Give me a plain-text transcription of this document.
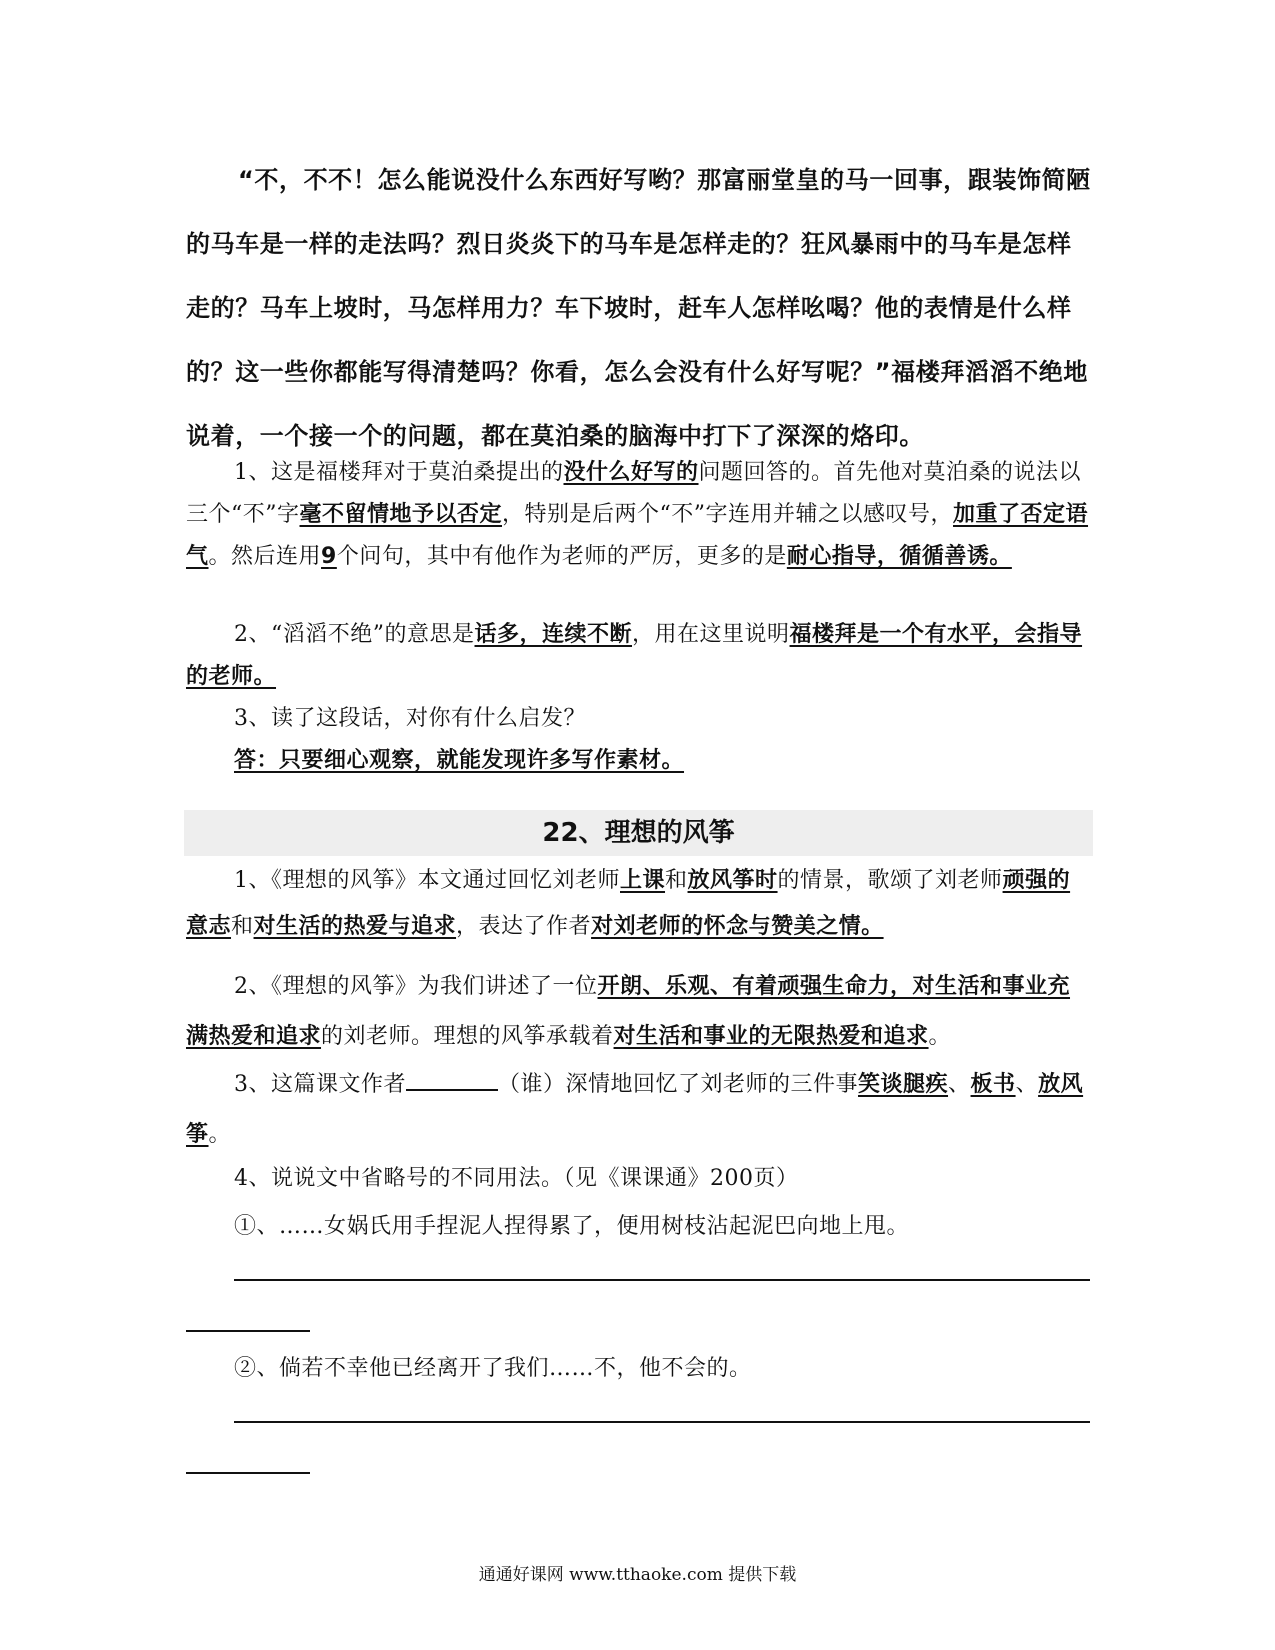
“不，不不！怎么能说没什么东西好写哟？那富丽堂皇的马一回事，跟装饰简陋的马车是一样的走法吗？烈日炎炎下的马车是怎样走的？狂风暴雨中的马车是怎样走的？马车上坡时，马怎样用力？车下坡时，赶车人怎样吆喝？他的表情是什么样的？这一些你都能写得清楚吗？你看，怎么会没有什么好写呢？”福楼拜滔滔不绝地说着，一个接一个的问题，都在莫泊桑的脑海中打下了深深的烙印。

1、这是福楼拜对于莫泊桑提出的没什么好写的问题回答的。首先他对莫泊桑的说法以三个“不”字毫不留情地予以否定，特别是后两个“不”字连用并辅之以感叹号，加重了否定语气。然后连用9个问句，其中有他作为老师的严厉，更多的是耐心指导，循循善诱。

2、“滔滔不绝”的意思是话多，连续不断，用在这里说明福楼拜是一个有水平，会指导的老师。

3、读了这段话，对你有什么启发？

答：只要细心观察，就能发现许多写作素材。

22、理想的风筝

1、《理想的风筝》本文通过回忆刘老师上课和放风筝时的情景，歌颂了刘老师顽强的意志和对生活的热爱与追求，表达了作者对刘老师的怀念与赞美之情。

2、《理想的风筝》为我们讲述了一位开朗、乐观、有着顽强生命力，对生活和事业充满热爱和追求的刘老师。理想的风筝承载着对生活和事业的无限热爱和追求。

3、这篇课文作者	（谁）深情地回忆了刘老师的三件事笑谈腿疾、板书、放风筝。

4、说说文中省略号的不同用法。（见《课课通》200页）

①、……女娲氏用手捏泥人捏得累了，便用树枝沾起泥巴向地上甩。

②、倘若不幸他已经离开了我们……不，他不会的。

通通好课网 www.tthaoke.com 提供下载
